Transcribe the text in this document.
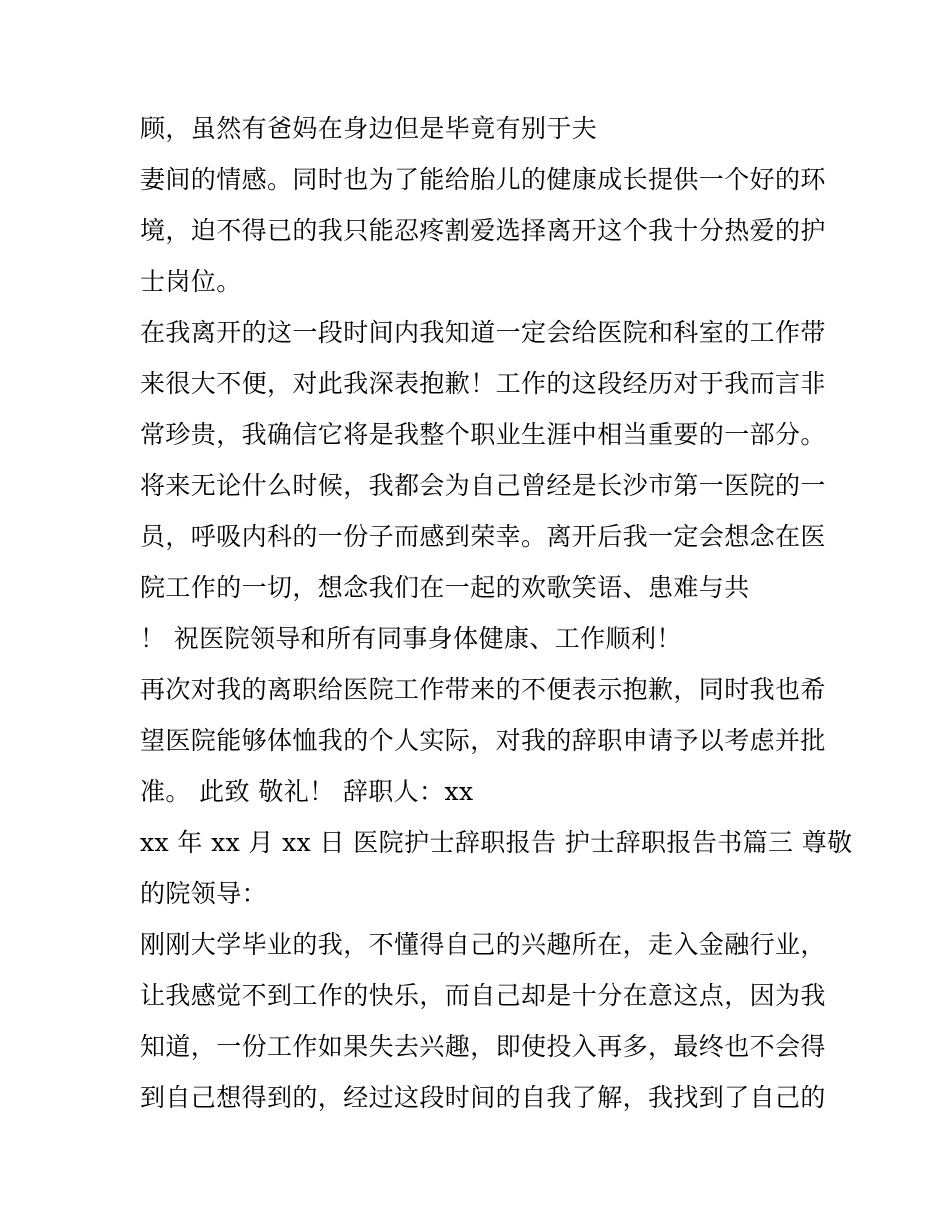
顾，虽然有爸妈在身边但是毕竟有别于夫
妻间的情感。同时也为了能给胎儿的健康成长提供一个好的环
境，迫不得已的我只能忍疼割爱选择离开这个我十分热爱的护
士岗位。
在我离开的这一段时间内我知道一定会给医院和科室的工作带
来很大不便，对此我深表抱歉！工作的这段经历对于我而言非
常珍贵，我确信它将是我整个职业生涯中相当重要的一部分。
将来无论什么时候，我都会为自己曾经是长沙市第一医院的一
员，呼吸内科的一份子而感到荣幸。离开后我一定会想念在医
院工作的一切，想念我们在一起的欢歌笑语、患难与共
！ 祝医院领导和所有同事身体健康、工作顺利！
再次对我的离职给医院工作带来的不便表示抱歉，同时我也希
望医院能够体恤我的个人实际，对我的辞职申请予以考虑并批
准。 此致 敬礼！ 辞职人：xx
xx 年 xx 月 xx 日 医院护士辞职报告 护士辞职报告书篇三 尊敬
的院领导：
刚刚大学毕业的我，不懂得自己的兴趣所在，走入金融行业，
让我感觉不到工作的快乐，而自己却是十分在意这点，因为我
知道，一份工作如果失去兴趣，即使投入再多，最终也不会得
到自己想得到的，经过这段时间的自我了解，我找到了自己的
